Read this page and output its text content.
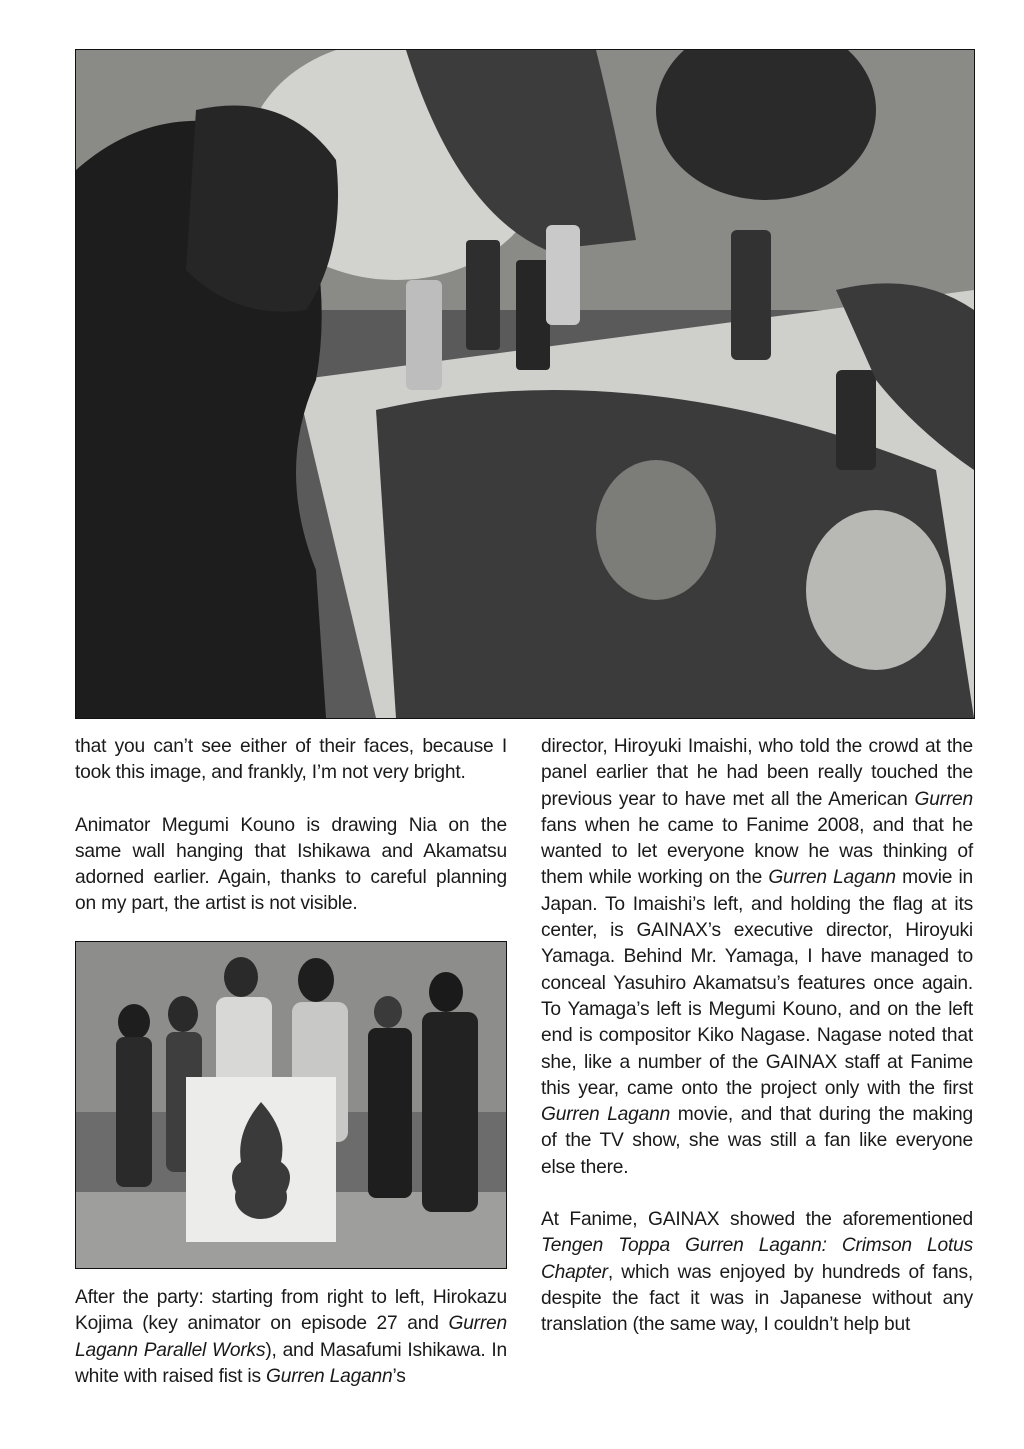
that you can’t see either of their faces, because I took this image, and frankly, I’m not very bright.

Animator Megumi Kouno is drawing Nia on the same wall hanging that Ishikawa and Akamatsu adorned earlier. Again, thanks to careful planning on my part, the artist is not visible.

After the party: starting from right to left, Hirokazu Kojima (key animator on episode 27 and Gurren Lagann Parallel Works), and Masafumi Ishikawa. In white with raised fist is Gurren Lagann’s

director, Hiroyuki Imaishi, who told the crowd at the panel earlier that he had been really touched the previous year to have met all the American Gurren fans when he came to Fanime 2008, and that he wanted to let everyone know he was thinking of them while working on the Gurren Lagann movie in Japan. To Imaishi’s left, and holding the flag at its center, is GAINAX’s executive director, Hiroyuki Yamaga. Behind Mr. Yamaga, I have managed to conceal Yasuhiro Akamatsu’s features once again. To Yamaga’s left is Megumi Kouno, and on the left end is compositor Kiko Nagase. Nagase noted that she, like a number of the GAINAX staff at Fanime this year, came onto the project only with the first Gurren Lagann movie, and that during the making of the TV show, she was still a fan like everyone else there.

At Fanime, GAINAX showed the aforementioned Tengen Toppa Gurren Lagann: Crimson Lotus Chapter, which was enjoyed by hundreds of fans, despite the fact it was in Japanese without any translation (the same way, I couldn’t help but
